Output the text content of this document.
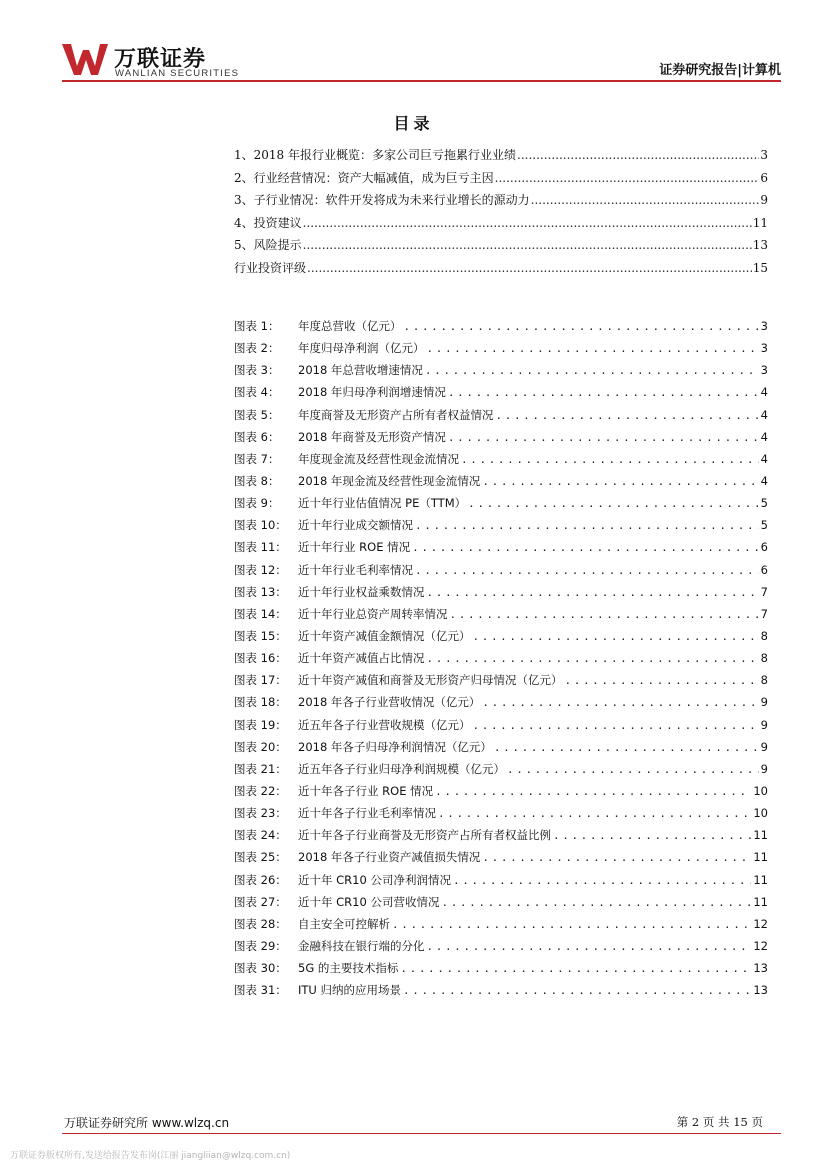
万联证券
WANLIAN SECURITIES	证券研究报告|计算机
目录
1、2018 年报行业概览：多家公司巨亏拖累行业业绩 .....	3
2、行业经营情况：资产大幅减值，成为巨亏主因 .....	6
3、子行业情况：软件开发将成为未来行业增长的源动力 .....	9
4、投资建议 .....	11
5、风险提示 .....	13
行业投资评级 .....	15
图表 1：	年度总营收（亿元） .....	3
图表 2：	年度归母净利润（亿元） .....	3
图表 3：	2018 年总营收增速情况 .....	3
图表 4：	2018 年归母净利润增速情况 .....	4
图表 5：	年度商誉及无形资产占所有者权益情况 .....	4
图表 6：	2018 年商誉及无形资产情况 .....	4
图表 7：	年度现金流及经营性现金流情况 .....	4
图表 8：	2018 年现金流及经营性现金流情况 .....	4
图表 9：	近十年行业估值情况 PE（TTM） .....	5
图表 10： 近十年行业成交额情况 .....	5
图表 11： 近十年行业 ROE 情况 .....	6
图表 12： 近十年行业毛利率情况 .....	6
图表 13： 近十年行业权益乘数情况 .....	7
图表 14： 近十年行业总资产周转率情况 .....	7
图表 15： 近十年资产减值金额情况（亿元） .....	8
图表 16： 近十年资产减值占比情况 .....	8
图表 17： 近十年资产减值和商誉及无形资产归母情况（亿元） .....	8
图表 18： 2018 年各子行业营收情况（亿元） .....	9
图表 19： 近五年各子行业营收规模（亿元） .....	9
图表 20： 2018 年各子归母净利润情况（亿元） .....	9
图表 21： 近五年各子行业归母净利润规模（亿元） .....	9
图表 22： 近十年各子行业 ROE 情况 .....	10
图表 23： 近十年各子行业毛利率情况 .....	10
图表 24： 近十年各子行业商誉及无形资产占所有者权益比例 .....	11
图表 25： 2018 年各子行业资产减值损失情况 .....	11
图表 26： 近十年 CR10 公司净利润情况 .....	11
图表 27： 近十年 CR10 公司营收情况 .....	11
图表 28： 自主安全可控解析 .....	12
图表 29： 金融科技在银行端的分化 .....	12
图表 30： 5G 的主要技术指标 .....	13
图表 31： ITU 归纳的应用场景 .....	13
万联证券研究所 www.wlzq.cn	第 2 页 共 15 页
万联证券版权所有,发送给报告发布岗(江丽 jiangliian@wlzq.com.cn)
